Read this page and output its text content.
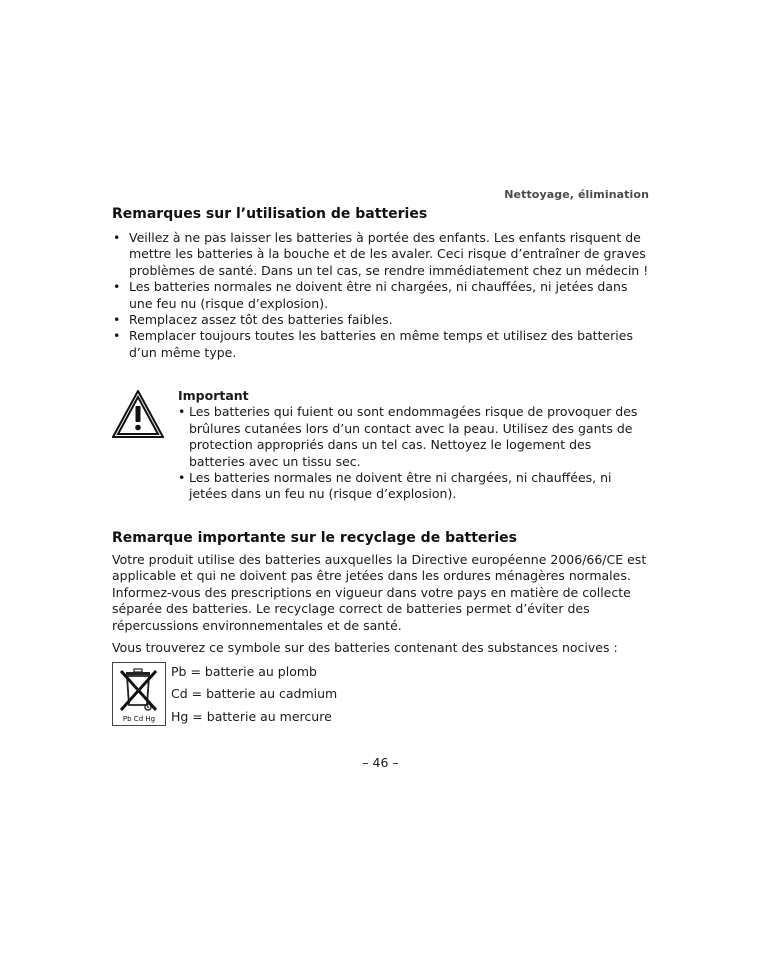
Nettoyage, élimination
Remarques sur l’utilisation de batteries
• Veillez à ne pas laisser les batteries à portée des enfants. Les enfants risquent de mettre les batteries à la bouche et de les avaler. Ceci risque d’entraîner de graves problèmes de santé. Dans un tel cas, se rendre immédiatement chez un médecin !
• Les batteries normales ne doivent être ni chargées, ni chauffées, ni jetées dans une feu nu (risque d’explosion).
• Remplacez assez tôt des batteries faibles.
• Remplacer toujours toutes les batteries en même temps et utilisez des batteries d’un même type.

Important

• Les batteries qui fuient ou sont endommagées risque de provoquer des brûlures cutanées lors d’un contact avec la peau. Utilisez des gants de protection appropriés dans un tel cas. Nettoyez le logement des batteries avec un tissu sec.
• Les batteries normales ne doivent être ni chargées, ni chauffées, ni jetées dans un feu nu (risque d’explosion).
Remarque importante sur le recyclage de batteries

Votre produit utilise des batteries auxquelles la Directive européenne 2006/66/CE est applicable et qui ne doivent pas être jetées dans les ordures ménagères normales. Informez-vous des prescriptions en vigueur dans votre pays en matière de collecte séparée des batteries. Le recyclage correct de batteries permet d’éviter des répercussions environnementales et de santé.

Vous trouverez ce symbole sur des batteries contenant des substances nocives :

Pb Cd Hg
Pb = batterie au plomb
Cd = batterie au cadmium
Hg = batterie au mercure
– 46 –
